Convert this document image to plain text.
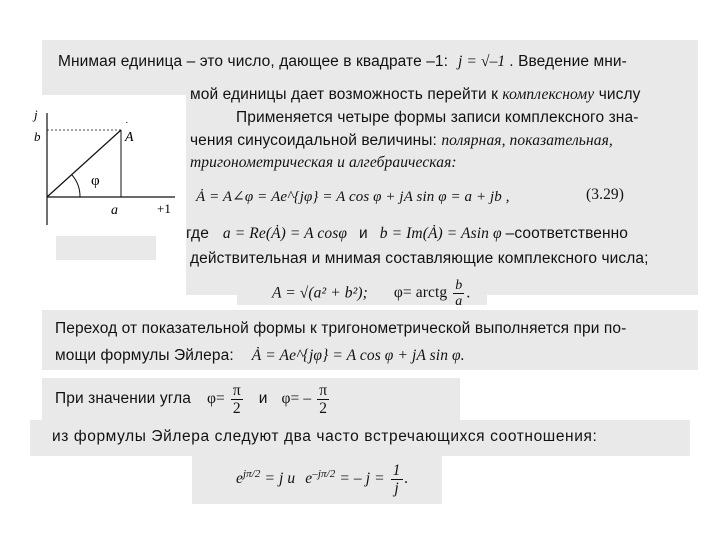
Мнимая единица – это число, дающее в квадрате –1: j = √–1 . Введение мни-
мой единицы дает возможность перейти к комплексному числу
Применяется четыре формы записи комплексного зна-
чения синусоидальной величины: полярная, показательная,
тригонометрическая и алгебраическая:
j
b	A
˙
φ
a	+1
Ȧ = A∠φ = Ae^{jφ} = A cos φ + jA sin φ = a + jb ,	(3.29)
где a = Re(Ȧ) = A cosφ и b = Im(Ȧ) = Asin φ –соответственно
действительная и мнимая составляющие комплексного числа;
A = √(a² + b²); φ= arctg $\frac{b}{a}$ .
Переход от показательной формы к тригонометрической выполняется при по-
мощи формулы Эйлера: Ȧ = Ae^{jφ} = A cos φ + jA sin φ.
При значении угла $\varphi= \frac{\pi}{2}$ и $\varphi= - \frac{\pi}{2}$
из формулы Эйлера следуют два часто встречающихся соотношения:
$e^{j\pi/2} = j$ и $e^{-j\pi/2}$ = – $j = \frac{1}{j}$ .
